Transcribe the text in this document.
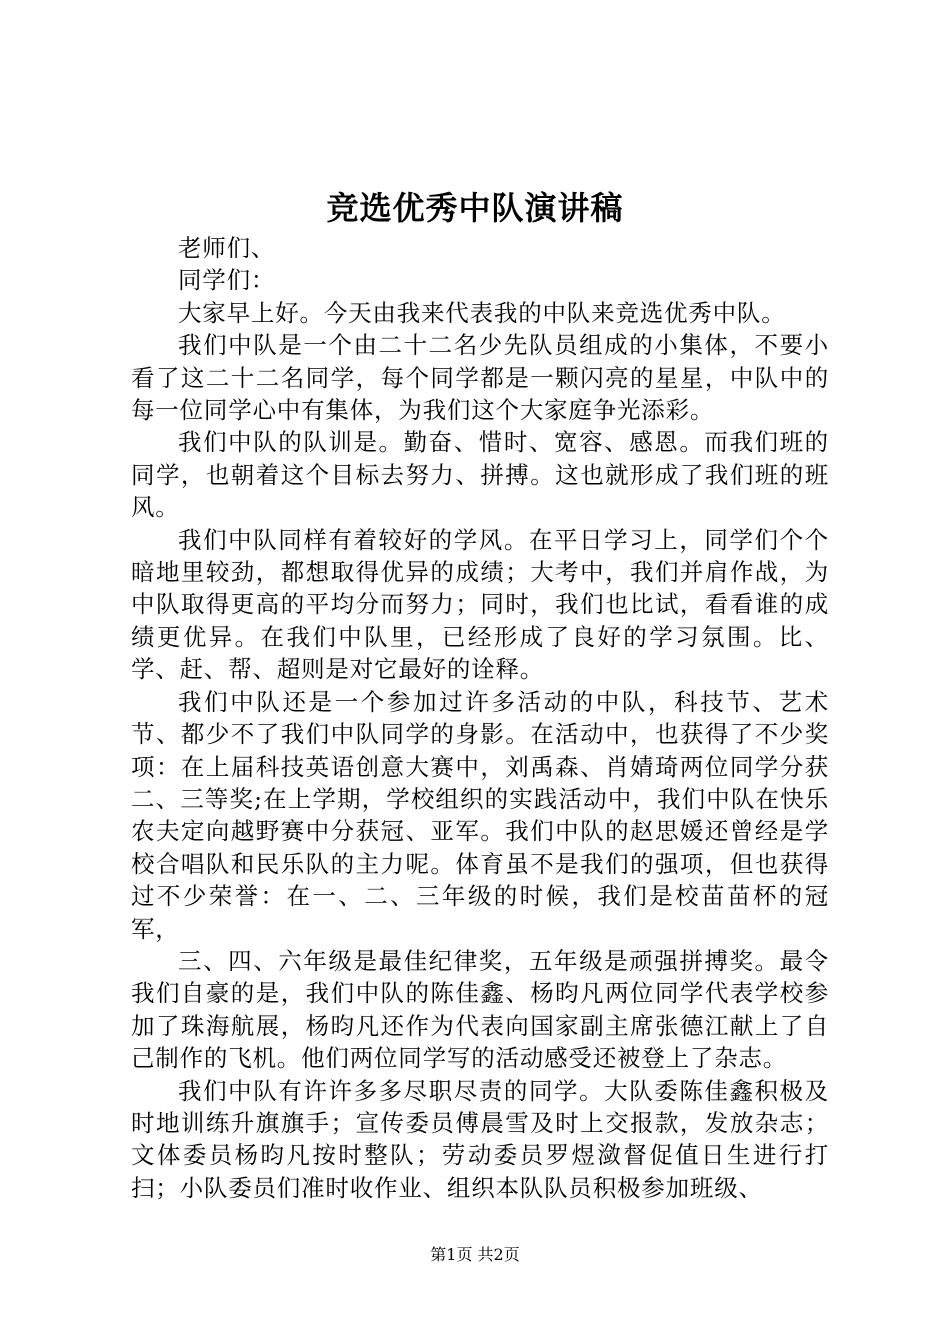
竞选优秀中队演讲稿

老师们、

同学们：

大家早上好。今天由我来代表我的中队来竞选优秀中队。

我们中队是一个由二十二名少先队员组成的小集体，不要小看了这二十二名同学，每个同学都是一颗闪亮的星星，中队中的每一位同学心中有集体，为我们这个大家庭争光添彩。

我们中队的队训是。勤奋、惜时、宽容、感恩。而我们班的同学，也朝着这个目标去努力、拼搏。这也就形成了我们班的班风。

我们中队同样有着较好的学风。在平日学习上，同学们个个暗地里较劲，都想取得优异的成绩；大考中，我们并肩作战，为中队取得更高的平均分而努力；同时，我们也比试，看看谁的成绩更优异。在我们中队里，已经形成了良好的学习氛围。比、学、赶、帮、超则是对它最好的诠释。

我们中队还是一个参加过许多活动的中队，科技节、艺术节、都少不了我们中队同学的身影。在活动中，也获得了不少奖项：在上届科技英语创意大赛中，刘禹森、肖婧琦两位同学分获二、三等奖;在上学期，学校组织的实践活动中，我们中队在快乐农夫定向越野赛中分获冠、亚军。我们中队的赵思媛还曾经是学校合唱队和民乐队的主力呢。体育虽不是我们的强项，但也获得过不少荣誉：在一、二、三年级的时候，我们是校苗苗杯的冠军，

三、四、六年级是最佳纪律奖，五年级是顽强拼搏奖。最令我们自豪的是，我们中队的陈佳鑫、杨昀凡两位同学代表学校参加了珠海航展，杨昀凡还作为代表向国家副主席张德江献上了自己制作的飞机。他们两位同学写的活动感受还被登上了杂志。

我们中队有许许多多尽职尽责的同学。大队委陈佳鑫积极及时地训练升旗旗手；宣传委员傅晨雪及时上交报款，发放杂志；文体委员杨昀凡按时整队；劳动委员罗煜潋督促值日生进行打扫；小队委员们准时收作业、组织本队队员积极参加班级、

第1页 共2页
